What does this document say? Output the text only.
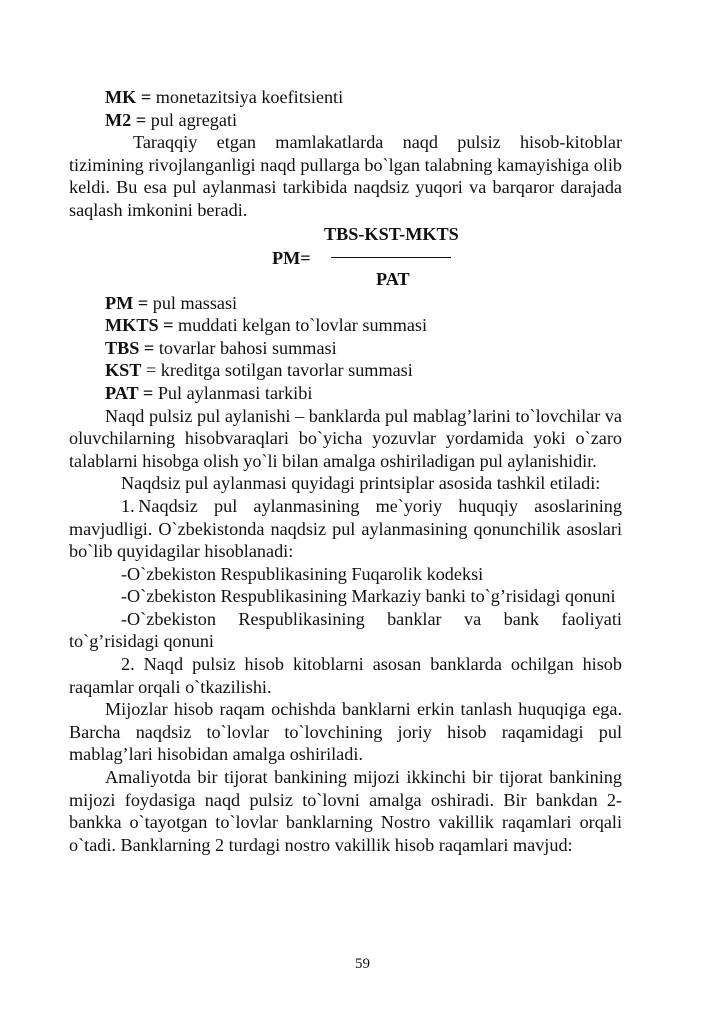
MK = monetazitsiya koefitsienti

M2 = pul agregati

Taraqqiy etgan mamlakatlarda naqd pulsiz hisob-kitoblar tizimining rivojlanganligi naqd pullarga bo`lgan talabning kamayishiga olib keldi. Bu esa pul aylanmasi tarkibida naqdsiz yuqori va barqaror darajada saqlash imkonini beradi.

TBS-KST-MKTS
PM=
PAT

PM = pul massasi

MKTS = muddati kelgan to`lovlar summasi

TBS = tovarlar bahosi summasi

KST = kreditga sotilgan tavorlar summasi

PAT = Pul aylanmasi tarkibi

Naqd pulsiz pul aylanishi – banklarda pul mablag’larini to`lovchilar va oluvchilarning hisobvaraqlari bo`yicha yozuvlar yordamida yoki o`zaro talablarni hisobga olish yo`li bilan amalga oshiriladigan pul aylanishidir.

Naqdsiz pul aylanmasi quyidagi printsiplar asosida tashkil etiladi:

1. Naqdsiz pul aylanmasining me`yoriy huquqiy asoslarining mavjudligi. O`zbekistonda naqdsiz pul aylanmasining qonunchilik asoslari bo`lib quyidagilar hisoblanadi:

-O`zbekiston Respublikasining Fuqarolik kodeksi

-O`zbekiston Respublikasining Markaziy banki to`g’risidagi qonuni

-O`zbekiston Respublikasining banklar va bank faoliyati to`g’risidagi qonuni

2. Naqd pulsiz hisob kitoblarni asosan banklarda ochilgan hisob raqamlar orqali o`tkazilishi.

Mijozlar hisob raqam ochishda banklarni erkin tanlash huquqiga ega. Barcha naqdsiz to`lovlar to`lovchining joriy hisob raqamidagi pul mablag’lari hisobidan amalga oshiriladi.

Amaliyotda bir tijorat bankining mijozi ikkinchi bir tijorat bankining mijozi foydasiga naqd pulsiz to`lovni amalga oshiradi. Bir bankdan 2-bankka o`tayotgan to`lovlar banklarning Nostro vakillik raqamlari orqali o`tadi. Banklarning 2 turdagi nostro vakillik hisob raqamlari mavjud:

59
